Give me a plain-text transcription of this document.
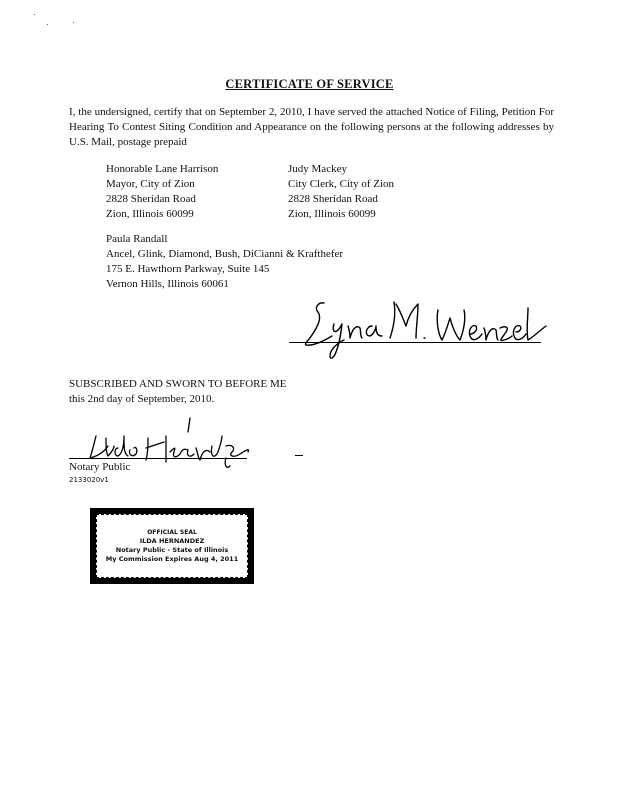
CERTIFICATE OF SERVICE
I, the undersigned, certify that on September 2, 2010, I have served the attached Notice of Filing, Petition For Hearing To Contest Siting Condition and Appearance on the following persons at the following addresses by U.S. Mail, postage prepaid
Honorable Lane Harrison
Mayor, City of Zion
2828 Sheridan Road
Zion, Illinois 60099
Judy Mackey
City Clerk, City of Zion
2828 Sheridan Road
Zion, Illinois 60099
Paula Randall
Ancel, Glink, Diamond, Bush, DiCianni & Krafthefer
175 E. Hawthorn Parkway, Suite 145
Vernon Hills, Illinois 60061
SUBSCRIBED AND SWORN TO BEFORE ME
this 2nd day of September, 2010.
Notary Public
2133020v1
OFFICIAL SEAL
ILDA HERNANDEZ
Notary Public - State of Illinois
My Commission Expires Aug 4, 2011
